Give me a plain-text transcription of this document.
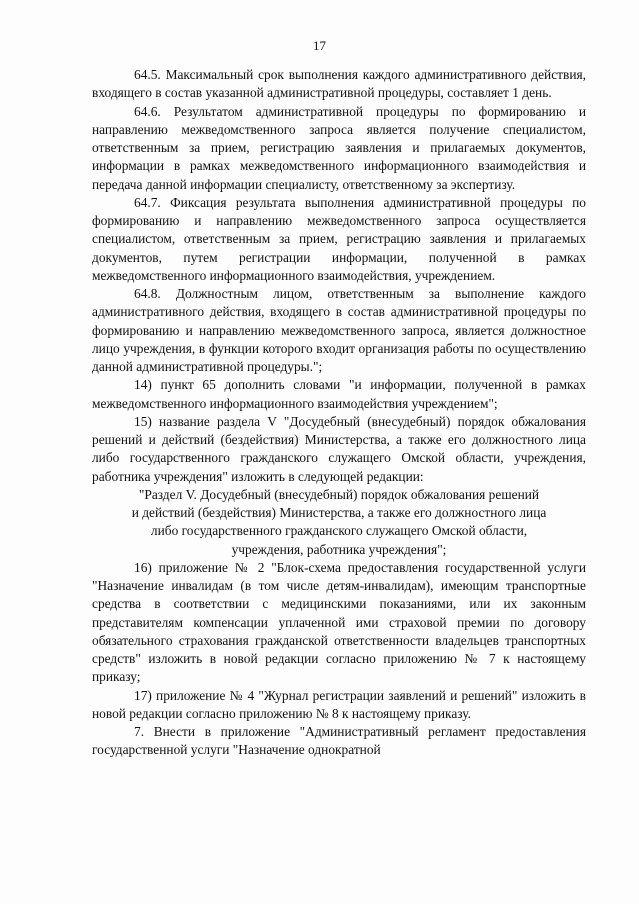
17

64.5. Максимальный срок выполнения каждого административного действия, входящего в состав указанной административной процедуры, составляет 1 день.

64.6. Результатом административной процедуры по формированию и направлению межведомственного запроса является получение специалистом, ответственным за прием, регистрацию заявления и прилагаемых документов, информации в рамках межведомственного информационного взаимодействия и передача данной информации специалисту, ответственному за экспертизу.

64.7. Фиксация результата выполнения административной процедуры по формированию и направлению межведомственного запроса осуществляется специалистом, ответственным за прием, регистрацию заявления и прилагаемых документов, путем регистрации информации, полученной в рамках межведомственного информационного взаимодействия, учреждением.

64.8. Должностным лицом, ответственным за выполнение каждого административного действия, входящего в состав административной процедуры по формированию и направлению межведомственного запроса, является должностное лицо учреждения, в функции которого входит организация работы по осуществлению данной административной процедуры.";

14) пункт 65 дополнить словами "и информации, полученной в рамках межведомственного информационного взаимодействия учреждением";

15) название раздела V "Досудебный (внесудебный) порядок обжалования решений и действий (бездействия) Министерства, а также его должностного лица либо государственного гражданского служащего Омской области, учреждения, работника учреждения" изложить в следующей редакции:

"Раздел V. Досудебный (внесудебный) порядок обжалования решений
и действий (бездействия) Министерства, а также его должностного лица
либо государственного гражданского служащего Омской области,
учреждения, работника учреждения";

16) приложение № 2 "Блок-схема предоставления государственной услуги "Назначение инвалидам (в том числе детям-инвалидам), имеющим транспортные средства в соответствии с медицинскими показаниями, или их законным представителям компенсации уплаченной ими страховой премии по договору обязательного страхования гражданской ответственности владельцев транспортных средств" изложить в новой редакции согласно приложению № 7 к настоящему приказу;

17) приложение № 4 "Журнал регистрации заявлений и решений" изложить в новой редакции согласно приложению № 8 к настоящему приказу.

7. Внести в приложение "Административный регламент предоставления государственной услуги "Назначение однократной
